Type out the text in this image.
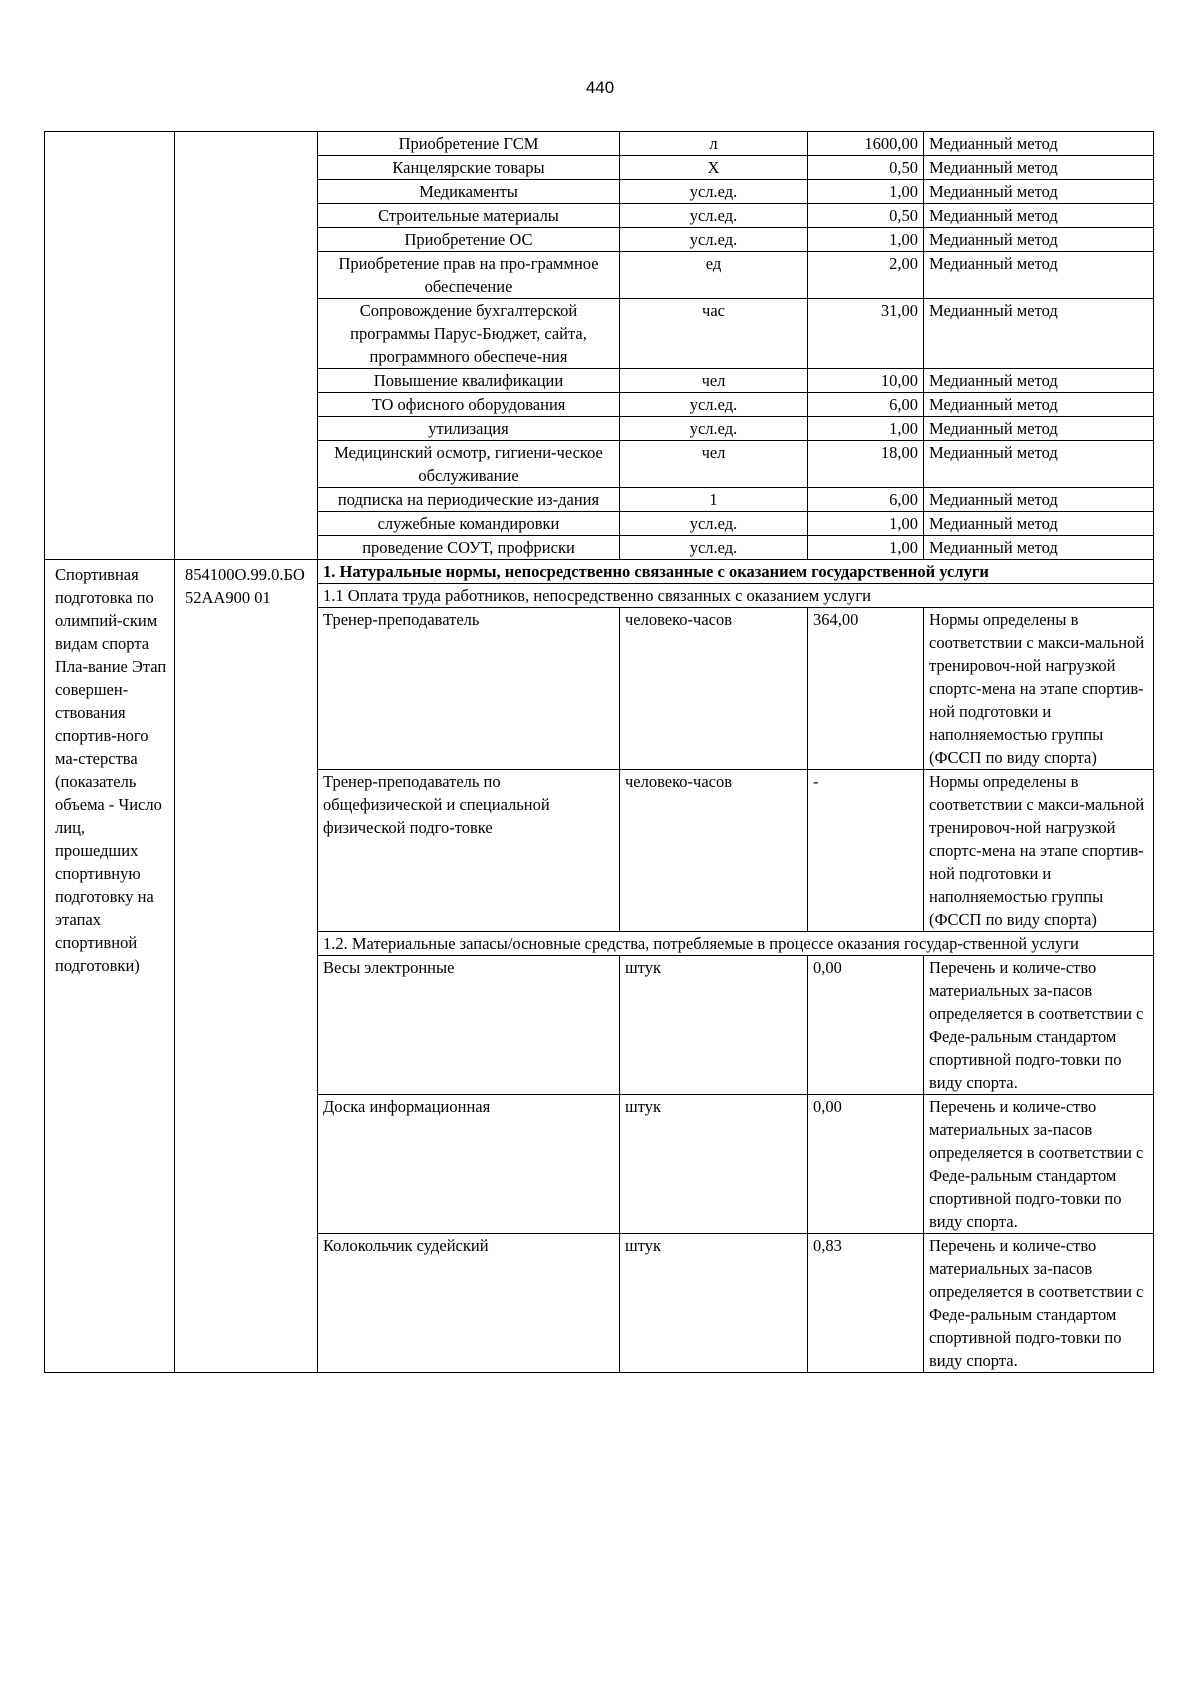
440
		Приобретение ГСМ	л	1600,00	Медианный метод
		Канцелярские товары	Х	0,50	Медианный метод
		Медикаменты	усл.ед.	1,00	Медианный метод
		Строительные материалы	усл.ед.	0,50	Медианный метод
		Приобретение ОС	усл.ед.	1,00	Медианный метод
		Приобретение прав на про-граммное обеспечение	ед	2,00	Медианный метод
		Сопровождение бухгалтерской программы Парус-Бюджет, сайта, программного обеспече-ния	час	31,00	Медианный метод
		Повышение квалификации	чел	10,00	Медианный метод
		ТО офисного оборудования	усл.ед.	6,00	Медианный метод
		утилизация	усл.ед.	1,00	Медианный метод
		Медицинский осмотр, гигиени-ческое обслуживание	чел	18,00	Медианный метод
		подписка на периодические из-дания	1	6,00	Медианный метод
		служебные командировки	усл.ед.	1,00	Медианный метод
		проведение СОУТ, профриски	усл.ед.	1,00	Медианный метод
Спортивная подготовка по олимпий-ским видам спорта Пла-вание Этап совершен-ствования спортив-ного ма-стерства (показатель объема - Число лиц, прошедших спортивную подготовку на этапах спортивной подготовки)	854100О.99.0.БО52АА900 01	1. Натуральные нормы, непосредственно связанные с оказанием государственной услуги			
		1.1 Оплата труда работников, непосредственно связанных с оказанием услуги			
		Тренер-преподаватель	человеко-часов	364,00	Нормы определены в соответствии с макси-мальной тренировоч-ной нагрузкой спортс-мена на этапе спортив-ной подготовки и наполняемостью группы (ФССП по виду спорта)
		Тренер-преподаватель по общефизической и специальной физической подго-товке	человеко-часов	-	Нормы определены в соответствии с макси-мальной тренировоч-ной нагрузкой спортс-мена на этапе спортив-ной подготовки и наполняемостью группы (ФССП по виду спорта)
		1.2. Материальные запасы/основные средства, потребляемые в процессе оказания государ-ственной услуги			
		Весы электронные	штук	0,00	Перечень и количе-ство материальных за-пасов определяется в соответствии с Феде-ральным стандартом спортивной подго-товки по виду спорта.
		Доска информационная	штук	0,00	Перечень и количе-ство материальных за-пасов определяется в соответствии с Феде-ральным стандартом спортивной подго-товки по виду спорта.
		Колокольчик судейский	штук	0,83	Перечень и количе-ство материальных за-пасов определяется в соответствии с Феде-ральным стандартом спортивной подго-товки по виду спорта.
